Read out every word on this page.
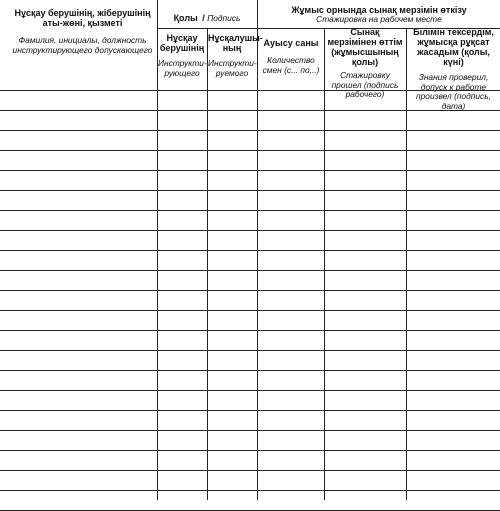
Нұсқау берушінің, жіберушінің аты-жөні, қызметі
Фамилия, инициалы, должность инструктирующего допускающего
Қолы / Подпись
Нұсқау берушінің
Инструкти-рующего
Нұсқалушы-ның
Инструкти-руемого
Жұмыс орнында сынақ мерзімін өткізу
Стажировка на рабочем месте
Ауысу саны
Количество смен (с... по...)
Сынақ мерзімінен өттім (жұмысшының қолы)
Стажировку прошел (подпись рабочего)
Білімін тексердім, жұмысқа рұқсат жасадым (қолы, күні)
Знания проверил, допуск к работе произвел (подпись, дата)
